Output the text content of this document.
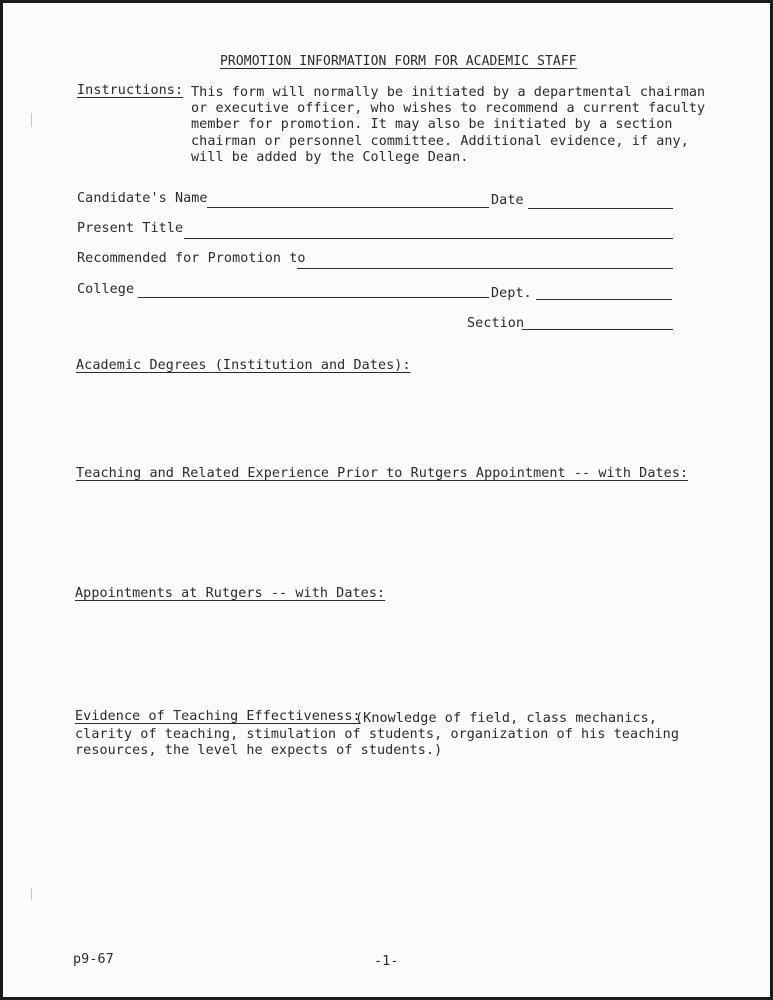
PROMOTION INFORMATION FORM FOR ACADEMIC STAFF
Instructions: This form will normally be initiated by a departmental chairman
or executive officer, who wishes to recommend a current faculty
member for promotion. It may also be initiated by a section
chairman or personnel committee. Additional evidence, if any,
will be added by the College Dean.
Candidate's Name	Date
Present Title
Recommended for Promotion to
College	Dept.
Section
Academic Degrees (Institution and Dates):
Teaching and Related Experience Prior to Rutgers Appointment -- with Dates:
Appointments at Rutgers -- with Dates:
Evidence of Teaching Effectiveness:
(Knowledge of field, class mechanics,
clarity of teaching, stimulation of students, organization of his teaching
resources, the level he expects of students.)
p9-67	-1-
